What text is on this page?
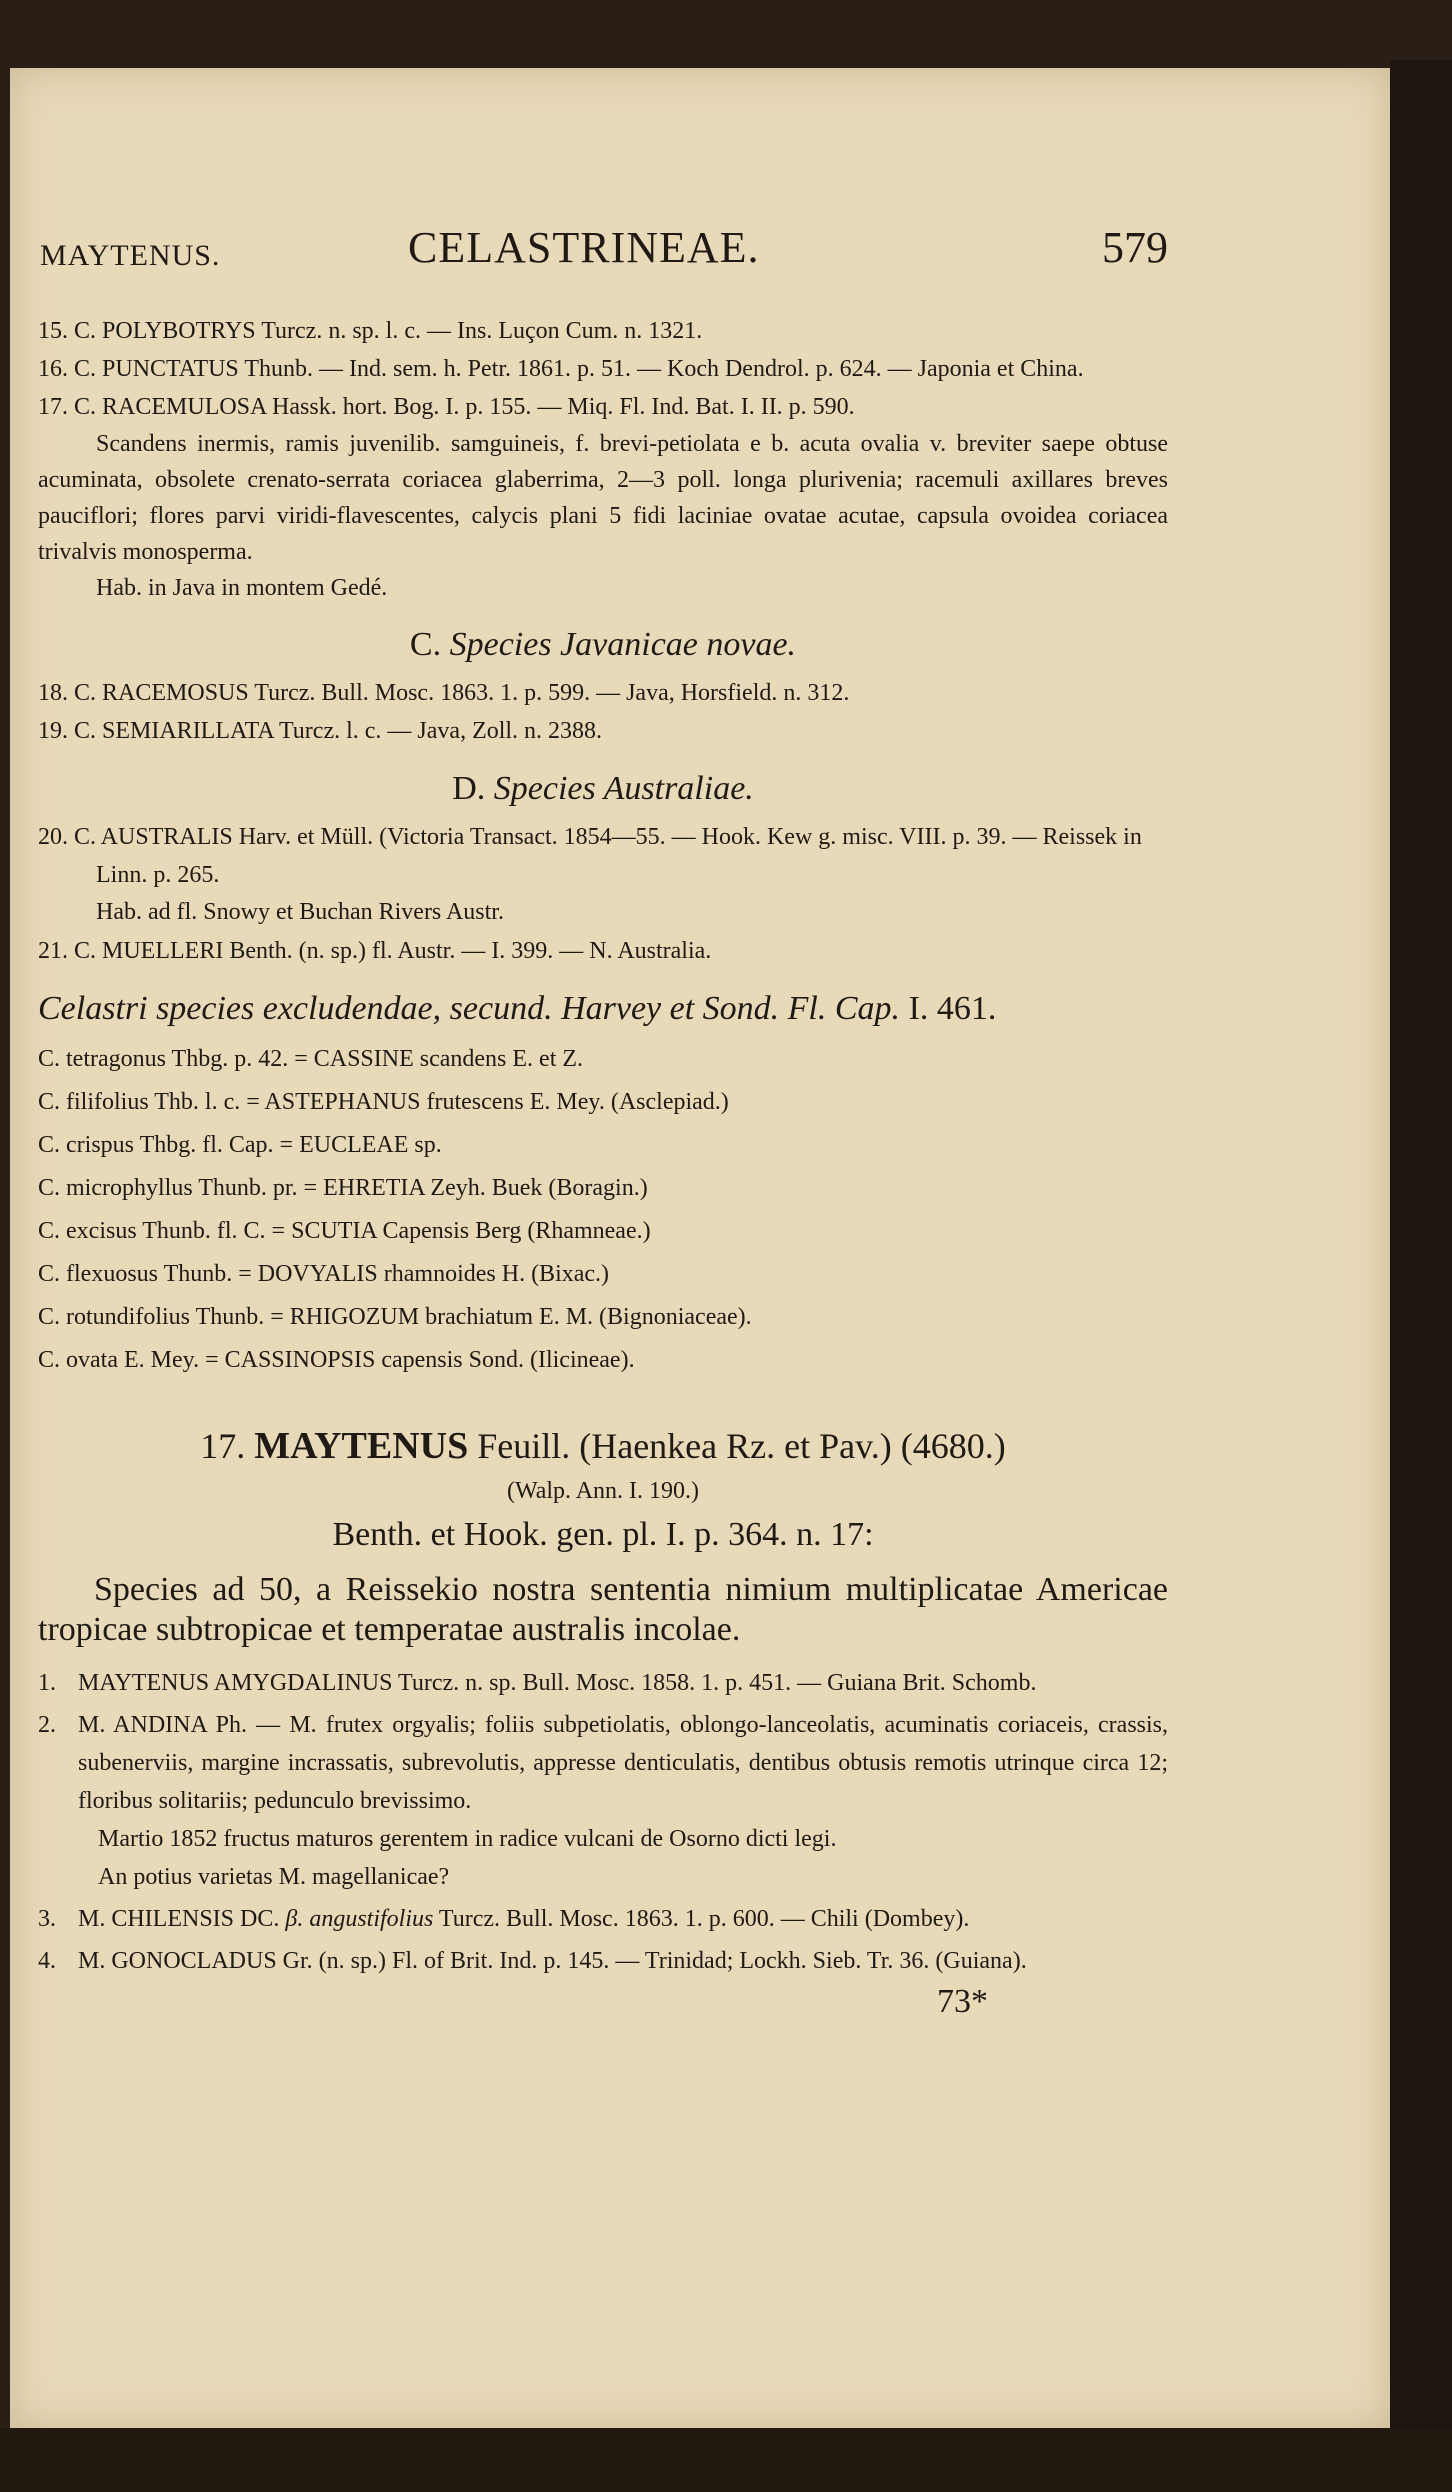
MAYTENUS.	CELASTRINEAE.	579

15. C. POLYBOTRYS Turcz. n. sp. l. c. — Ins. Luçon Cum. n. 1321.

16. C. PUNCTATUS Thunb. — Ind. sem. h. Petr. 1861. p. 51. — Koch Dendrol. p. 624. — Japonia et China.

17. C. RACEMULOSA Hassk. hort. Bog. I. p. 155. — Miq. Fl. Ind. Bat. I. II. p. 590.

Scandens inermis, ramis juvenilib. samguineis, f. brevi-petiolata e b. acuta ovalia v. breviter saepe obtuse acuminata, obsolete crenato-serrata coriacea glaberrima, 2—3 poll. longa plurivenia; racemuli axillares breves pauciflori; flores parvi viridi-flavescentes, calycis plani 5 fidi laciniae ovatae acutae, capsula ovoidea coriacea trivalvis monosperma.

Hab. in Java in montem Gedé.

C. Species Javanicae novae.

18. C. RACEMOSUS Turcz. Bull. Mosc. 1863. 1. p. 599. — Java, Horsfield. n. 312.

19. C. SEMIARILLATA Turcz. l. c. — Java, Zoll. n. 2388.

D. Species Australiae.

20. C. AUSTRALIS Harv. et Müll. (Victoria Transact. 1854—55. — Hook. Kew g. misc. VIII. p. 39. — Reissek in Linn. p. 265.

Hab. ad fl. Snowy et Buchan Rivers Austr.

21. C. MUELLERI Benth. (n. sp.) fl. Austr. — I. 399. — N. Australia.

Celastri species excludendae, secund. Harvey et Sond. Fl. Cap. I. 461.

C. tetragonus Thbg. p. 42. = CASSINE scandens E. et Z.

C. filifolius Thb. l. c. = ASTEPHANUS frutescens E. Mey. (Asclepiad.)

C. crispus Thbg. fl. Cap. = EUCLEAE sp.

C. microphyllus Thunb. pr. = EHRETIA Zeyh. Buek (Boragin.)

C. excisus Thunb. fl. C. = SCUTIA Capensis Berg (Rhamneae.)

C. flexuosus Thunb. = DOVYALIS rhamnoides H. (Bixac.)

C. rotundifolius Thunb. = RHIGOZUM brachiatum E. M. (Bignoniaceae).

C. ovata E. Mey. = CASSINOPSIS capensis Sond. (Ilicineae).

17. MAYTENUS Feuill. (Haenkea Rz. et Pav.) (4680.)
(Walp. Ann. I. 190.)
Benth. et Hook. gen. pl. I. p. 364. n. 17:

Species ad 50, a Reissekio nostra sententia nimium multiplicatae Americae tropicae subtropicae et temperatae australis incolae.

1. MAYTENUS AMYGDALINUS Turcz. n. sp. Bull. Mosc. 1858. 1. p. 451. — Guiana Brit. Schomb.
2. M. ANDINA Ph. — M. frutex orgyalis; foliis subpetiolatis, oblongo-lanceolatis, acuminatis coriaceis, crassis, subenerviis, margine incrassatis, subrevolutis, appresse denticulatis, dentibus obtusis remotis utrinque circa 12; floribus solitariis; pedunculo brevissimo.
Martio 1852 fructus maturos gerentem in radice vulcani de Osorno dicti legi.
An potius varietas M. magellanicae?
3. M. CHILENSIS DC. β. angustifolius Turcz. Bull. Mosc. 1863. 1. p. 600. — Chili (Dombey).
4. M. GONOCLADUS Gr. (n. sp.) Fl. of Brit. Ind. p. 145. — Trinidad; Lockh. Sieb. Tr. 36. (Guiana).
73*
